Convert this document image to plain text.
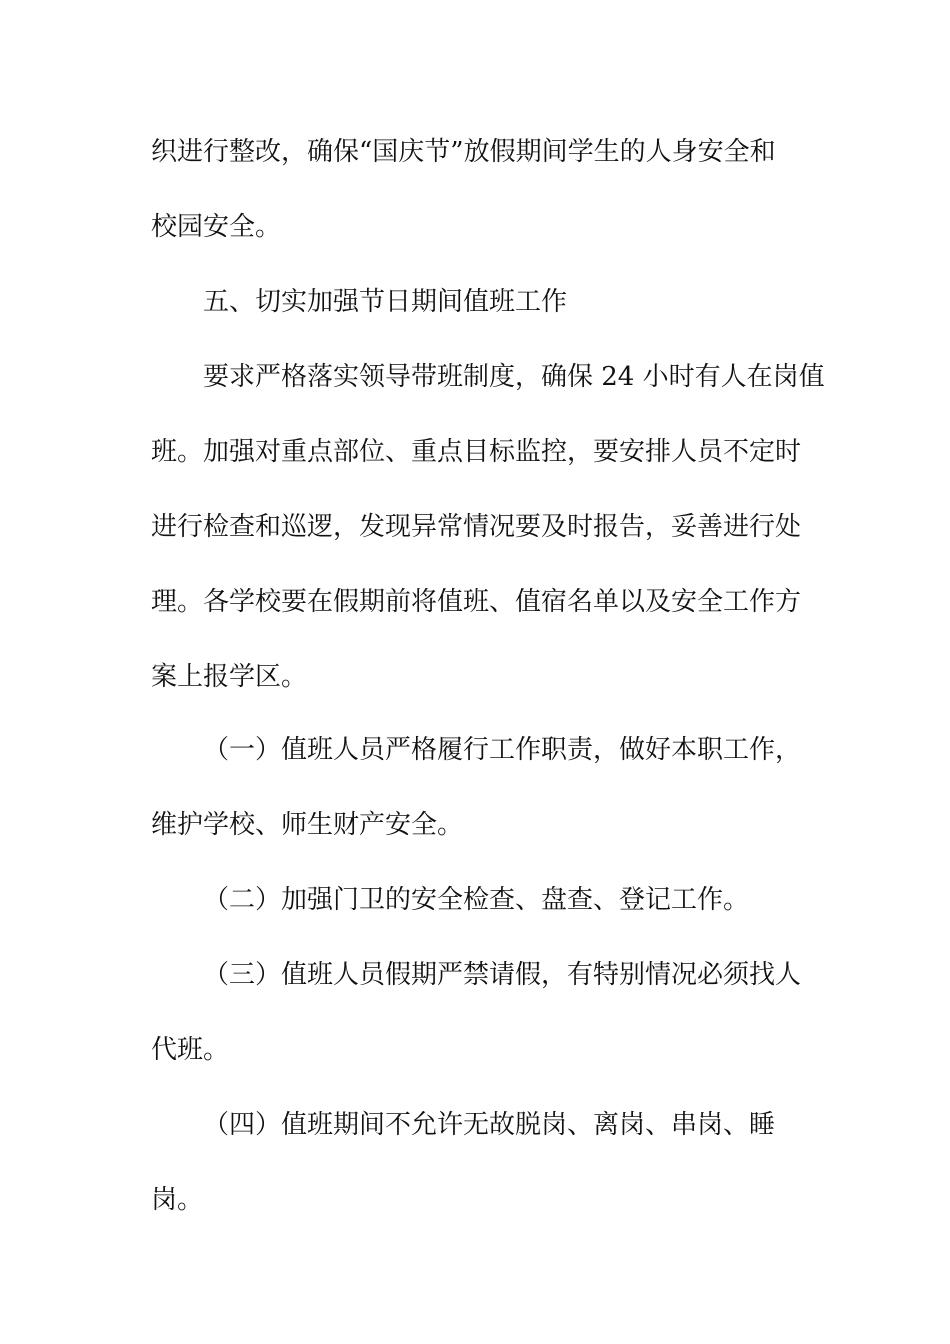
织进行整改，确保“国庆节”放假期间学生的人身安全和

校园安全。

五、切实加强节日期间值班工作

要求严格落实领导带班制度，确保 24 小时有人在岗值

班。加强对重点部位、重点目标监控，要安排人员不定时

进行检查和巡逻，发现异常情况要及时报告，妥善进行处

理。各学校要在假期前将值班、值宿名单以及安全工作方

案上报学区。

（一）值班人员严格履行工作职责，做好本职工作，

维护学校、师生财产安全。

（二）加强门卫的安全检查、盘查、登记工作。

（三）值班人员假期严禁请假，有特别情况必须找人

代班。

（四）值班期间不允许无故脱岗、离岗、串岗、睡

岗。
